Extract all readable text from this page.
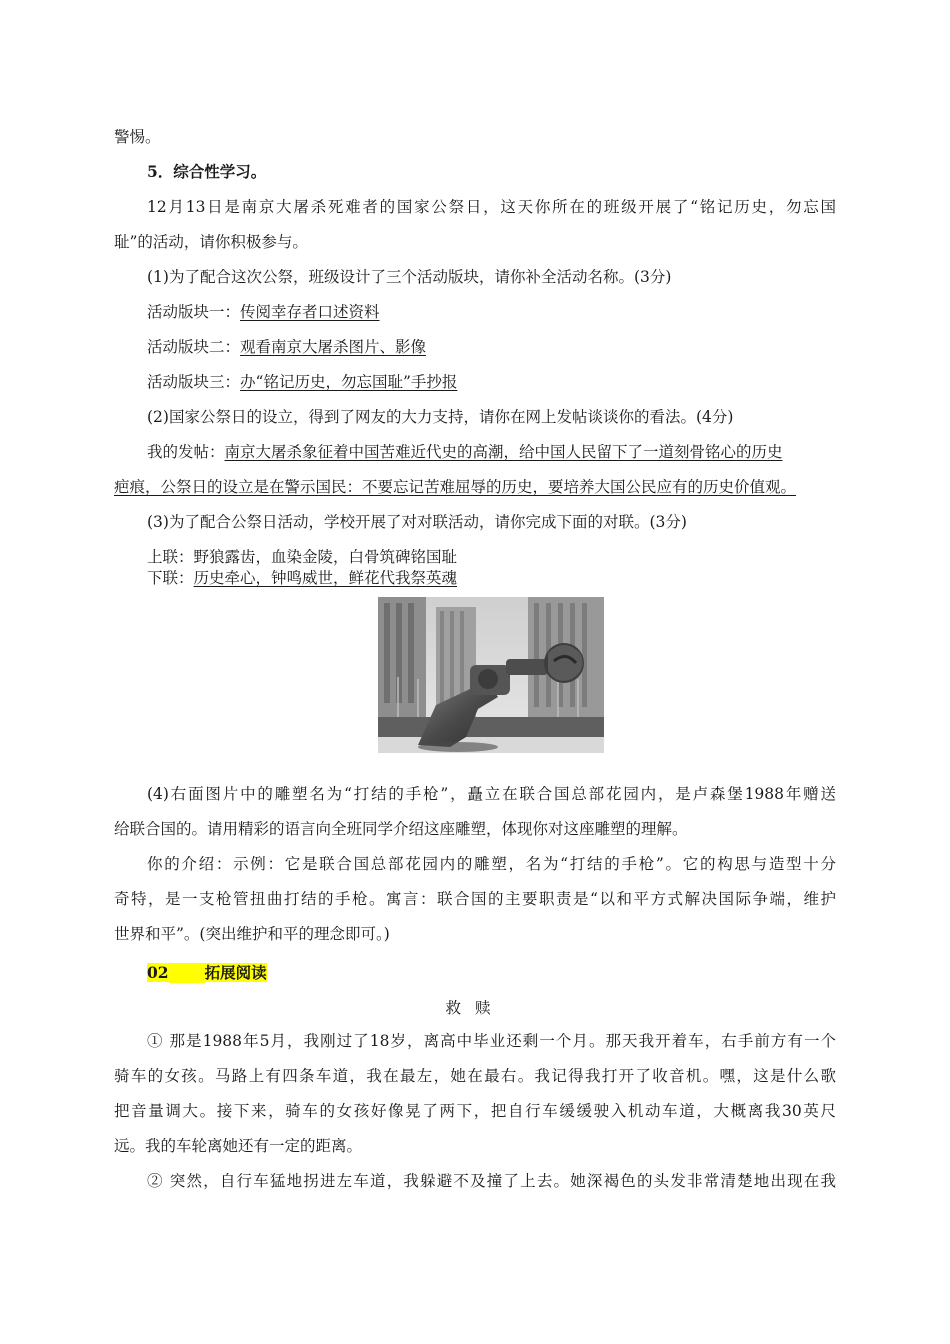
警惕。
5．综合性学习。
12月13日是南京大屠杀死难者的国家公祭日，这天你所在的班级开展了“铭记历史，勿忘国
耻”的活动，请你积极参与。
(1)为了配合这次公祭，班级设计了三个活动版块，请你补全活动名称。(3分)
活动版块一：传阅幸存者口述资料
活动版块二：观看南京大屠杀图片、影像
活动版块三：办“铭记历史，勿忘国耻”手抄报
(2)国家公祭日的设立，得到了网友的大力支持，请你在网上发帖谈谈你的看法。(4分)
我的发帖：南京大屠杀象征着中国苦难近代史的高潮，给中国人民留下了一道刻骨铭心的历史
疤痕，公祭日的设立是在警示国民：不要忘记苦难屈辱的历史，要培养大国公民应有的历史价值观。
(3)为了配合公祭日活动，学校开展了对对联活动，请你完成下面的对联。(3分)
上联：野狼露齿，血染金陵，白骨筑碑铭国耻
下联：历史牵心，钟鸣威世，鲜花代我祭英魂
(4)右面图片中的雕塑名为“打结的手枪”，矗立在联合国总部花园内，是卢森堡1988年赠送
给联合国的。请用精彩的语言向全班同学介绍这座雕塑，体现你对这座雕塑的理解。
你的介绍：示例：它是联合国总部花园内的雕塑，名为“打结的手枪”。它的构思与造型十分
奇特，是一支枪管扭曲打结的手枪。寓言：联合国的主要职责是“以和平方式解决国际争端，维护
世界和平”。(突出维护和平的理念即可。)
02 拓展阅读
救赎
① 那是1988年5月，我刚过了18岁，离高中毕业还剩一个月。那天我开着车，右手前方有一个
骑车的女孩。马路上有四条车道，我在最左，她在最右。我记得我打开了收音机。嘿，这是什么歌
把音量调大。接下来，骑车的女孩好像晃了两下，把自行车缓缓驶入机动车道，大概离我30英尺
远。我的车轮离她还有一定的距离。
② 突然，自行车猛地拐进左车道，我躲避不及撞了上去。她深褐色的头发非常清楚地出现在我
